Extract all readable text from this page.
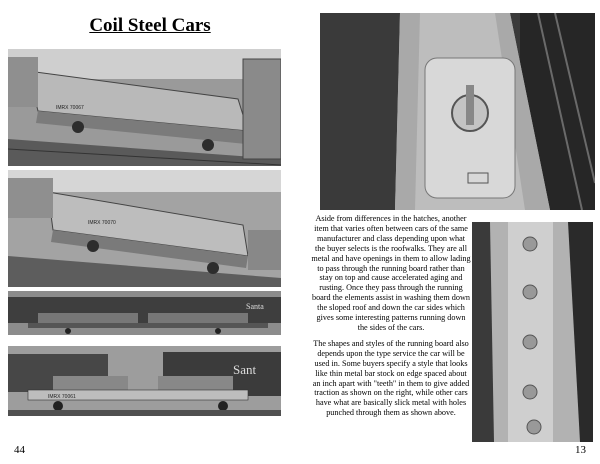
Coil Steel Cars
IMRX 70067
IMRX 70070
Santa
IMRX 70061
Sant
44	13

Aside from differences in the hatches, another item that varies often between cars of the same manufacturer and class depending upon what the buyer selects is the roofwalks. They are all metal and have openings in them to allow lading to pass through the running board rather than stay on top and cause accelerated aging and rusting. Once they pass through the running board the elements assist in washing them down the sloped roof and down the car sides which gives some interesting patterns running down the sides of the cars.

The shapes and styles of the running board also depends upon the type service the car will be used in. Some buyers specify a style that looks like thin metal bar stock on edge spaced about an inch apart with "teeth" in them to give added traction as shown on the right, while other cars have what are basically slick metal with holes punched through them as shown above.
